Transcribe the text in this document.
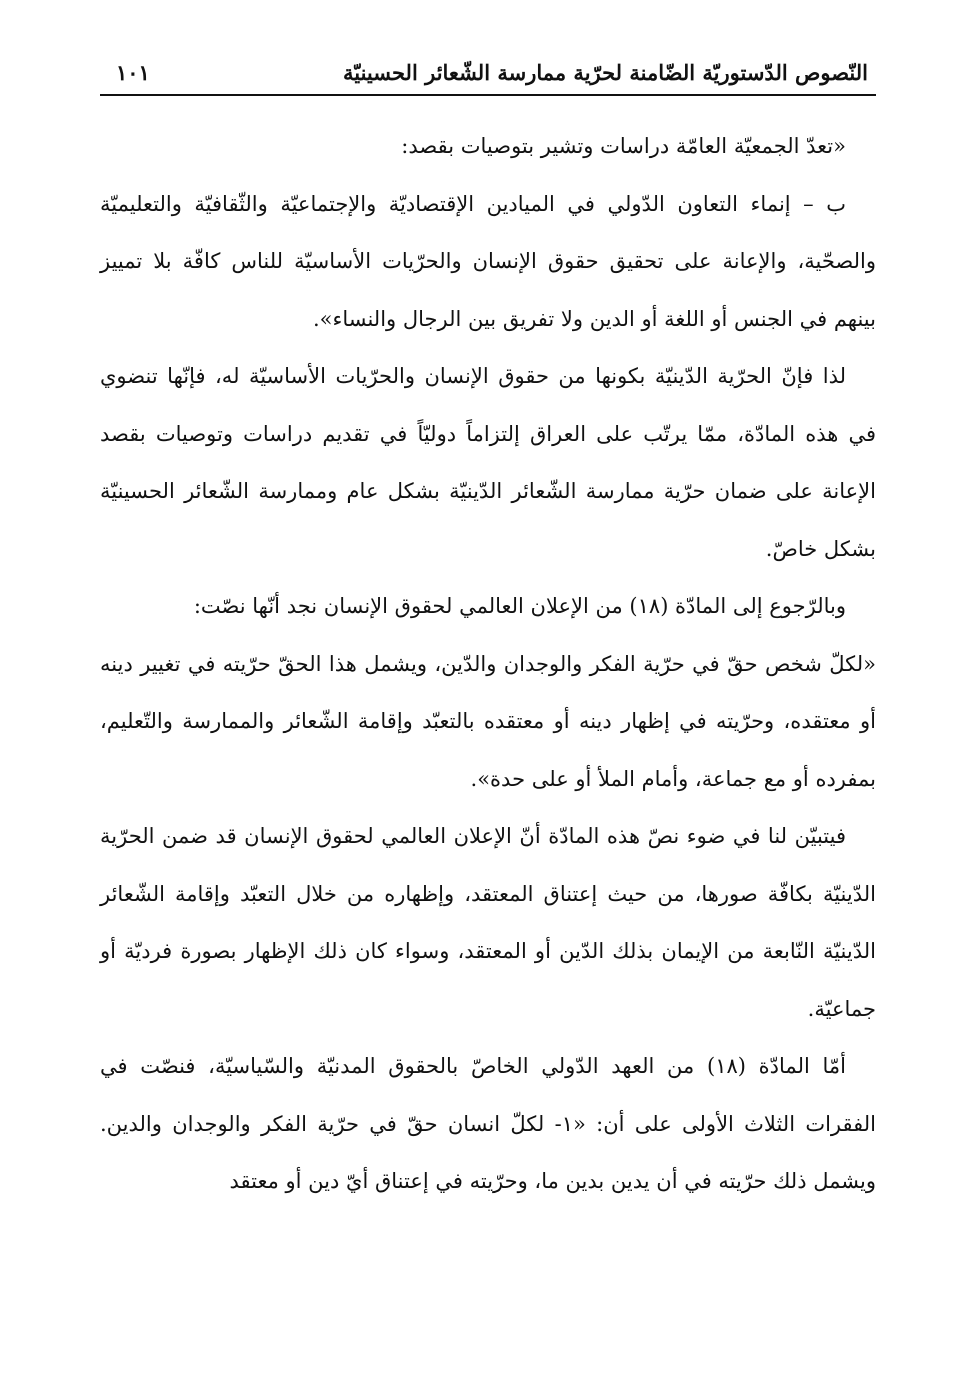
النّصوص الدّستوريّة الضّامنة لحرّية ممارسة الشّعائر الحسينيّة
١٠١

«تعدّ الجمعيّة العامّة دراسات وتشير بتوصيات بقصد:

ب – إنماء التعاون الدّولي في الميادين الإقتصاديّة والإجتماعيّة والثّقافيّة والتعليميّة والصحّية، والإعانة على تحقيق حقوق الإنسان والحرّيات الأساسيّة للناس كافّة بلا تمييز بينهم في الجنس أو اللغة أو الدين ولا تفريق بين الرجال والنساء».

لذا فإنّ الحرّية الدّينيّة بكونها من حقوق الإنسان والحرّيات الأساسيّة له، فإنّها تنضوي في هذه المادّة، ممّا يرتّب على العراق إلتزاماً دوليّاً في تقديم دراسات وتوصيات بقصد الإعانة على ضمان حرّية ممارسة الشّعائر الدّينيّة بشكل عام وممارسة الشّعائر الحسينيّة بشكل خاصّ.

وبالرّجوع إلى المادّة (١٨) من الإعلان العالمي لحقوق الإنسان نجد أنّها نصّت:

«لكلّ شخص حقّ في حرّية الفكر والوجدان والدّين، ويشمل هذا الحقّ حرّيته في تغيير دينه أو معتقده، وحرّيته في إظهار دينه أو معتقده بالتعبّد وإقامة الشّعائر والممارسة والتّعليم، بمفرده أو مع جماعة، وأمام الملأ أو على حدة».

فيتبيّن لنا في ضوء نصّ هذه المادّة أنّ الإعلان العالمي لحقوق الإنسان قد ضمن الحرّية الدّينيّة بكافّة صورها، من حيث إعتناق المعتقد، وإظهاره من خلال التعبّد وإقامة الشّعائر الدّينيّة النّابعة من الإيمان بذلك الدّين أو المعتقد، وسواء كان ذلك الإظهار بصورة فرديّة أو جماعيّة.

أمّا المادّة (١٨) من العهد الدّولي الخاصّ بالحقوق المدنيّة والسّياسيّة، فنصّت في الفقرات الثلاث الأولى على أن: «١- لكلّ انسان حقّ في حرّية الفكر والوجدان والدين. ويشمل ذلك حرّيته في أن يدين بدين ما، وحرّيته في إعتناق أيّ دين أو معتقد
